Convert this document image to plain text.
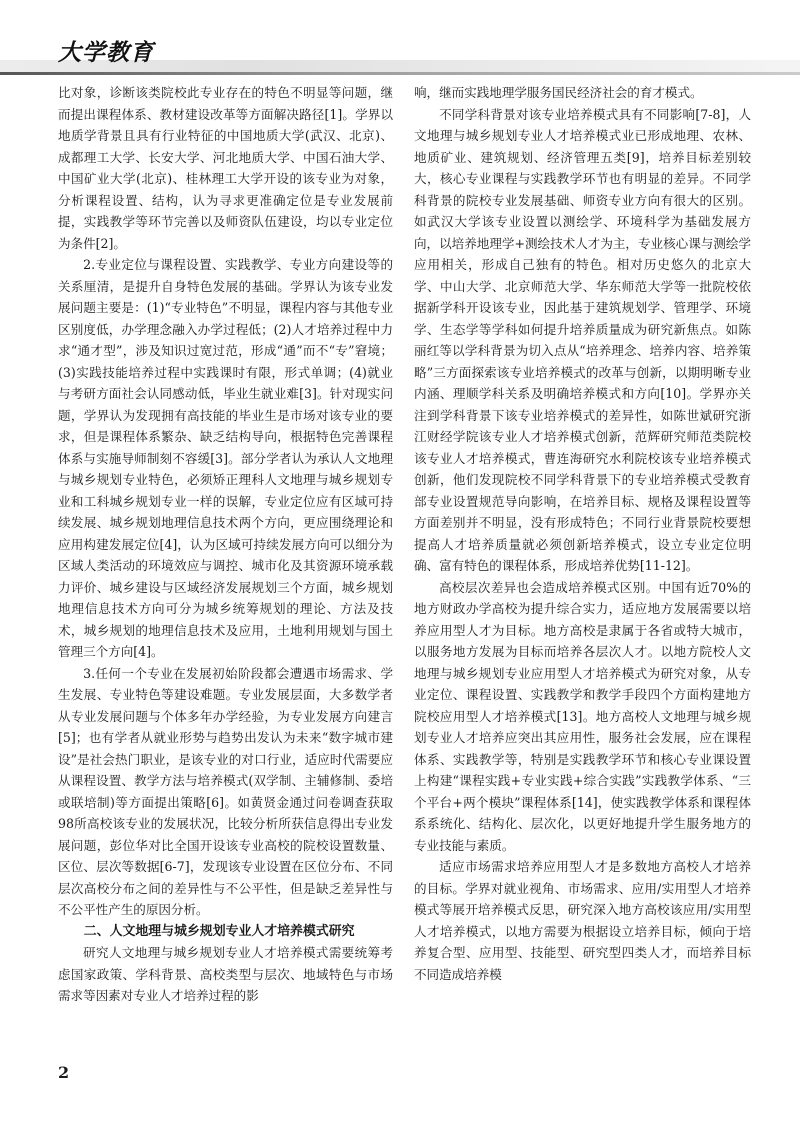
大学教育

比对象，诊断该类院校此专业存在的特色不明显等问题，继而提出课程体系、教材建设改革等方面解决路径[1]。学界以地质学背景且具有行业特征的中国地质大学(武汉、北京)、成都理工大学、长安大学、河北地质大学、中国石油大学、中国矿业大学(北京)、桂林理工大学开设的该专业为对象，分析课程设置、结构，认为寻求更准确定位是专业发展前提，实践教学等环节完善以及师资队伍建设，均以专业定位为条件[2]。

2.专业定位与课程设置、实践教学、专业方向建设等的关系厘清，是提升自身特色发展的基础。学界认为该专业发展问题主要是：(1)“专业特色”不明显，课程内容与其他专业区别度低，办学理念融入办学过程低；(2)人才培养过程中力求“通才型”，涉及知识过宽过范，形成“通”而不“专”窘境；(3)实践技能培养过程中实践课时有限，形式单调；(4)就业与考研方面社会认同感动低，毕业生就业难[3]。针对现实问题，学界认为发现拥有高技能的毕业生是市场对该专业的要求，但是课程体系繁杂、缺乏结构导向，根据特色完善课程体系与实施导师制刻不容缓[3]。部分学者认为承认人文地理与城乡规划专业特色，必须矫正理科人文地理与城乡规划专业和工科城乡规划专业一样的误解，专业定位应有区域可持续发展、城乡规划地理信息技术两个方向，更应围绕理论和应用构建发展定位[4]，认为区域可持续发展方向可以细分为区域人类活动的环境效应与调控、城市化及其资源环境承载力评价、城乡建设与区域经济发展规划三个方面，城乡规划地理信息技术方向可分为城乡统筹规划的理论、方法及技术，城乡规划的地理信息技术及应用，土地利用规划与国土管理三个方向[4]。

3.任何一个专业在发展初始阶段都会遭遇市场需求、学生发展、专业特色等建设难题。专业发展层面，大多数学者从专业发展问题与个体多年办学经验，为专业发展方向建言[5]；也有学者从就业形势与趋势出发认为未来“数字城市建设”是社会热门职业，是该专业的对口行业，适应时代需要应从课程设置、教学方法与培养模式(双学制、主辅修制、委培或联培制)等方面提出策略[6]。如黄贤金通过问卷调查获取98所高校该专业的发展状况，比较分析所获信息得出专业发展问题，彭位华对比全国开设该专业高校的院校设置数量、区位、层次等数据[6-7]，发现该专业设置在区位分布、不同层次高校分布之间的差异性与不公平性，但是缺乏差异性与不公平性产生的原因分析。

二、人文地理与城乡规划专业人才培养模式研究

研究人文地理与城乡规划专业人才培养模式需要统筹考虑国家政策、学科背景、高校类型与层次、地域特色与市场需求等因素对专业人才培养过程的影

响，继而实践地理学服务国民经济社会的育才模式。

不同学科背景对该专业培养模式具有不同影响[7-8]，人文地理与城乡规划专业人才培养模式业已形成地理、农林、地质矿业、建筑规划、经济管理五类[9]，培养目标差别较大，核心专业课程与实践教学环节也有明显的差异。不同学科背景的院校专业发展基础、师资专业方向有很大的区别。如武汉大学该专业设置以测绘学、环境科学为基础发展方向，以培养地理学+测绘技术人才为主，专业核心课与测绘学应用相关，形成自己独有的特色。相对历史悠久的北京大学、中山大学、北京师范大学、华东师范大学等一批院校依据新学科开设该专业，因此基于建筑规划学、管理学、环境学、生态学等学科如何提升培养质量成为研究新焦点。如陈丽红等以学科背景为切入点从“培养理念、培养内容、培养策略”三方面探索该专业培养模式的改革与创新，以期明晰专业内涵、理顺学科关系及明确培养模式和方向[10]。学界亦关注到学科背景下该专业培养模式的差异性，如陈世斌研究浙江财经学院该专业人才培养模式创新，范辉研究师范类院校该专业人才培养模式，曹连海研究水利院校该专业培养模式创新，他们发现院校不同学科背景下的专业培养模式受教育部专业设置规范导向影响，在培养目标、规格及课程设置等方面差别并不明显，没有形成特色；不同行业背景院校要想提高人才培养质量就必须创新培养模式，设立专业定位明确、富有特色的课程体系，形成培养优势[11-12]。

高校层次差异也会造成培养模式区别。中国有近70%的地方财政办学高校为提升综合实力，适应地方发展需要以培养应用型人才为目标。地方高校是隶属于各省或特大城市，以服务地方发展为目标而培养各层次人才。以地方院校人文地理与城乡规划专业应用型人才培养模式为研究对象，从专业定位、课程设置、实践教学和教学手段四个方面构建地方院校应用型人才培养模式[13]。地方高校人文地理与城乡规划专业人才培养应突出其应用性，服务社会发展，应在课程体系、实践教学等，特别是实践教学环节和核心专业课设置上构建“课程实践+专业实践+综合实践”实践教学体系、“三个平台+两个模块”课程体系[14]，使实践教学体系和课程体系系统化、结构化、层次化，以更好地提升学生服务地方的专业技能与素质。

适应市场需求培养应用型人才是多数地方高校人才培养的目标。学界对就业视角、市场需求、应用/实用型人才培养模式等展开培养模式反思，研究深入地方高校该应用/实用型人才培养模式，以地方需要为根据设立培养目标，倾向于培养复合型、应用型、技能型、研究型四类人才，而培养目标不同造成培养模

2
